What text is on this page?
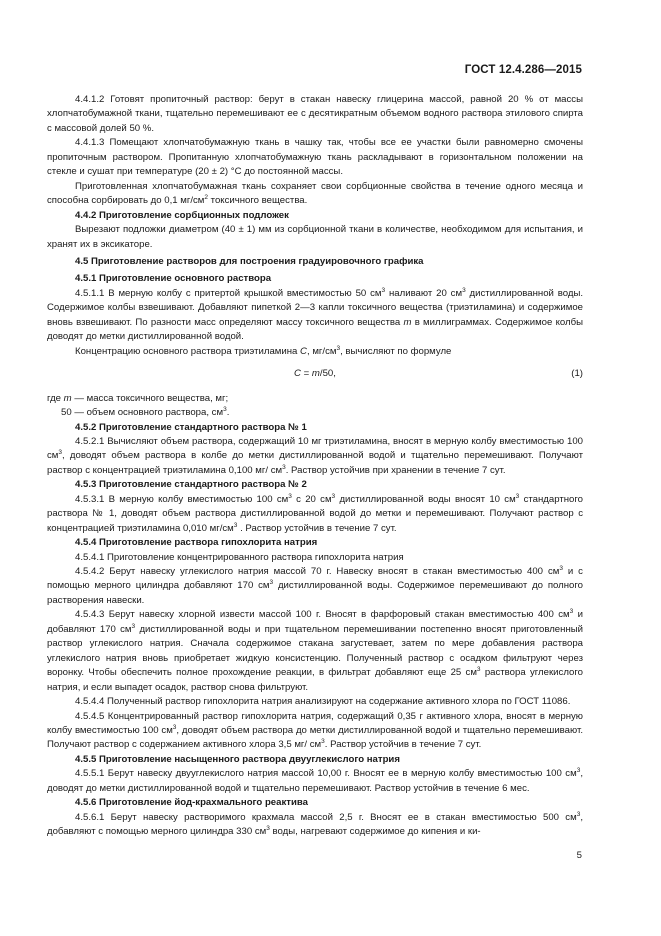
ГОСТ 12.4.286—2015

4.4.1.2 Готовят пропиточный раствор: берут в стакан навеску глицерина массой, равной 20 % от массы хлопчатобумажной ткани, тщательно перемешивают ее с десятикратным объемом водного раствора этилового спирта с массовой долей 50 %.

4.4.1.3 Помещают хлопчатобумажную ткань в чашку так, чтобы все ее участки были равномерно смочены пропиточным раствором. Пропитанную хлопчатобумажную ткань раскладывают в горизонтальном положении на стекле и сушат при температуре (20 ± 2) °С до постоянной массы.

Приготовленная хлопчатобумажная ткань сохраняет свои сорбционные свойства в течение одного месяца и способна сорбировать до 0,1 $мг/см^2$ токсичного вещества.

4.4.2 Приготовление сорбционных подложек

Вырезают подложки диаметром (40 ± 1) мм из сорбционной ткани в количестве, необходимом для испытания, и хранят их в эксикаторе.

4.5 Приготовление растворов для построения градуировочного графика
4.5.1 Приготовление основного раствора

4.5.1.1 В мерную колбу с притертой крышкой вместимостью 50 $см^3$ наливают 20 $см^3$ дистиллированной воды. Содержимое колбы взвешивают. Добавляют пипеткой 2—3 капли токсичного вещества (триэтиламина) и содержимое вновь взвешивают. По разности масс определяют массу токсичного вещества m в миллиграммах. Содержимое колбы доводят до метки дистиллированной водой.

Концентрацию основного раствора триэтиламина С, $мг/см^3$, вычисляют по формуле

С = m/50,	(1)

где m — масса токсичного вещества, мг;

50 — объем основного раствора, $см^3$.

4.5.2 Приготовление стандартного раствора № 1

4.5.2.1 Вычисляют объем раствора, содержащий 10 мг триэтиламина, вносят в мерную колбу вместимостью 100 $см^3$, доводят объем раствора в колбе до метки дистиллированной водой и тщательно перемешивают. Получают раствор с концентрацией триэтиламина 0,100 мг/ $см^3$. Раствор устойчив при хранении в течение 7 сут.

4.5.3 Приготовление стандартного раствора № 2

4.5.3.1 В мерную колбу вместимостью 100 $см^3$ с 20 $см^3$ дистиллированной воды вносят 10 $см^3$ стандартного раствора № 1, доводят объем раствора дистиллированной водой до метки и перемешивают. Получают раствор с концентрацией триэтиламина 0,010 $мг/см^3$ . Раствор устойчив в течение 7 сут.

4.5.4 Приготовление раствора гипохлорита натрия

4.5.4.1 Приготовление концентрированного раствора гипохлорита натрия

4.5.4.2 Берут навеску углекислого натрия массой 70 г. Навеску вносят в стакан вместимостью 400 $см^3$ и с помощью мерного цилиндра добавляют 170 $см^3$ дистиллированной воды. Содержимое перемешивают до полного растворения навески.

4.5.4.3 Берут навеску хлорной извести массой 100 г. Вносят в фарфоровый стакан вместимостью 400 $см^3$ и добавляют 170 $см^3$ дистиллированной воды и при тщательном перемешивании постепенно вносят приготовленный раствор углекислого натрия. Сначала содержимое стакана загустевает, затем по мере добавления раствора углекислого натрия вновь приобретает жидкую консистенцию. Полученный раствор с осадком фильтруют через воронку. Чтобы обеспечить полное прохождение реакции, в фильтрат добавляют еще 25 $см^3$ раствора углекислого натрия, и если выпадет осадок, раствор снова фильтруют.

4.5.4.4 Полученный раствор гипохлорита натрия анализируют на содержание активного хлора по ГОСТ 11086.

4.5.4.5 Концентрированный раствор гипохлорита натрия, содержащий 0,35 г активного хлора, вносят в мерную колбу вместимостью 100 $см^3$, доводят объем раствора до метки дистиллированной водой и тщательно перемешивают. Получают раствор с содержанием активного хлора 3,5 мг/ $см^3$. Раствор устойчив в течение 7 сут.

4.5.5 Приготовление насыщенного раствора двууглекислого натрия

4.5.5.1 Берут навеску двууглекислого натрия массой 10,00 г. Вносят ее в мерную колбу вместимостью 100 $см^3$, доводят до метки дистиллированной водой и тщательно перемешивают. Раствор устойчив в течение 6 мес.

4.5.6 Приготовление йод-крахмального реактива

4.5.6.1 Берут навеску растворимого крахмала массой 2,5 г. Вносят ее в стакан вместимостью 500 $см^3$, добавляют с помощью мерного цилиндра 330 $см^3$ воды, нагревают содержимое до кипения и ки-

5
